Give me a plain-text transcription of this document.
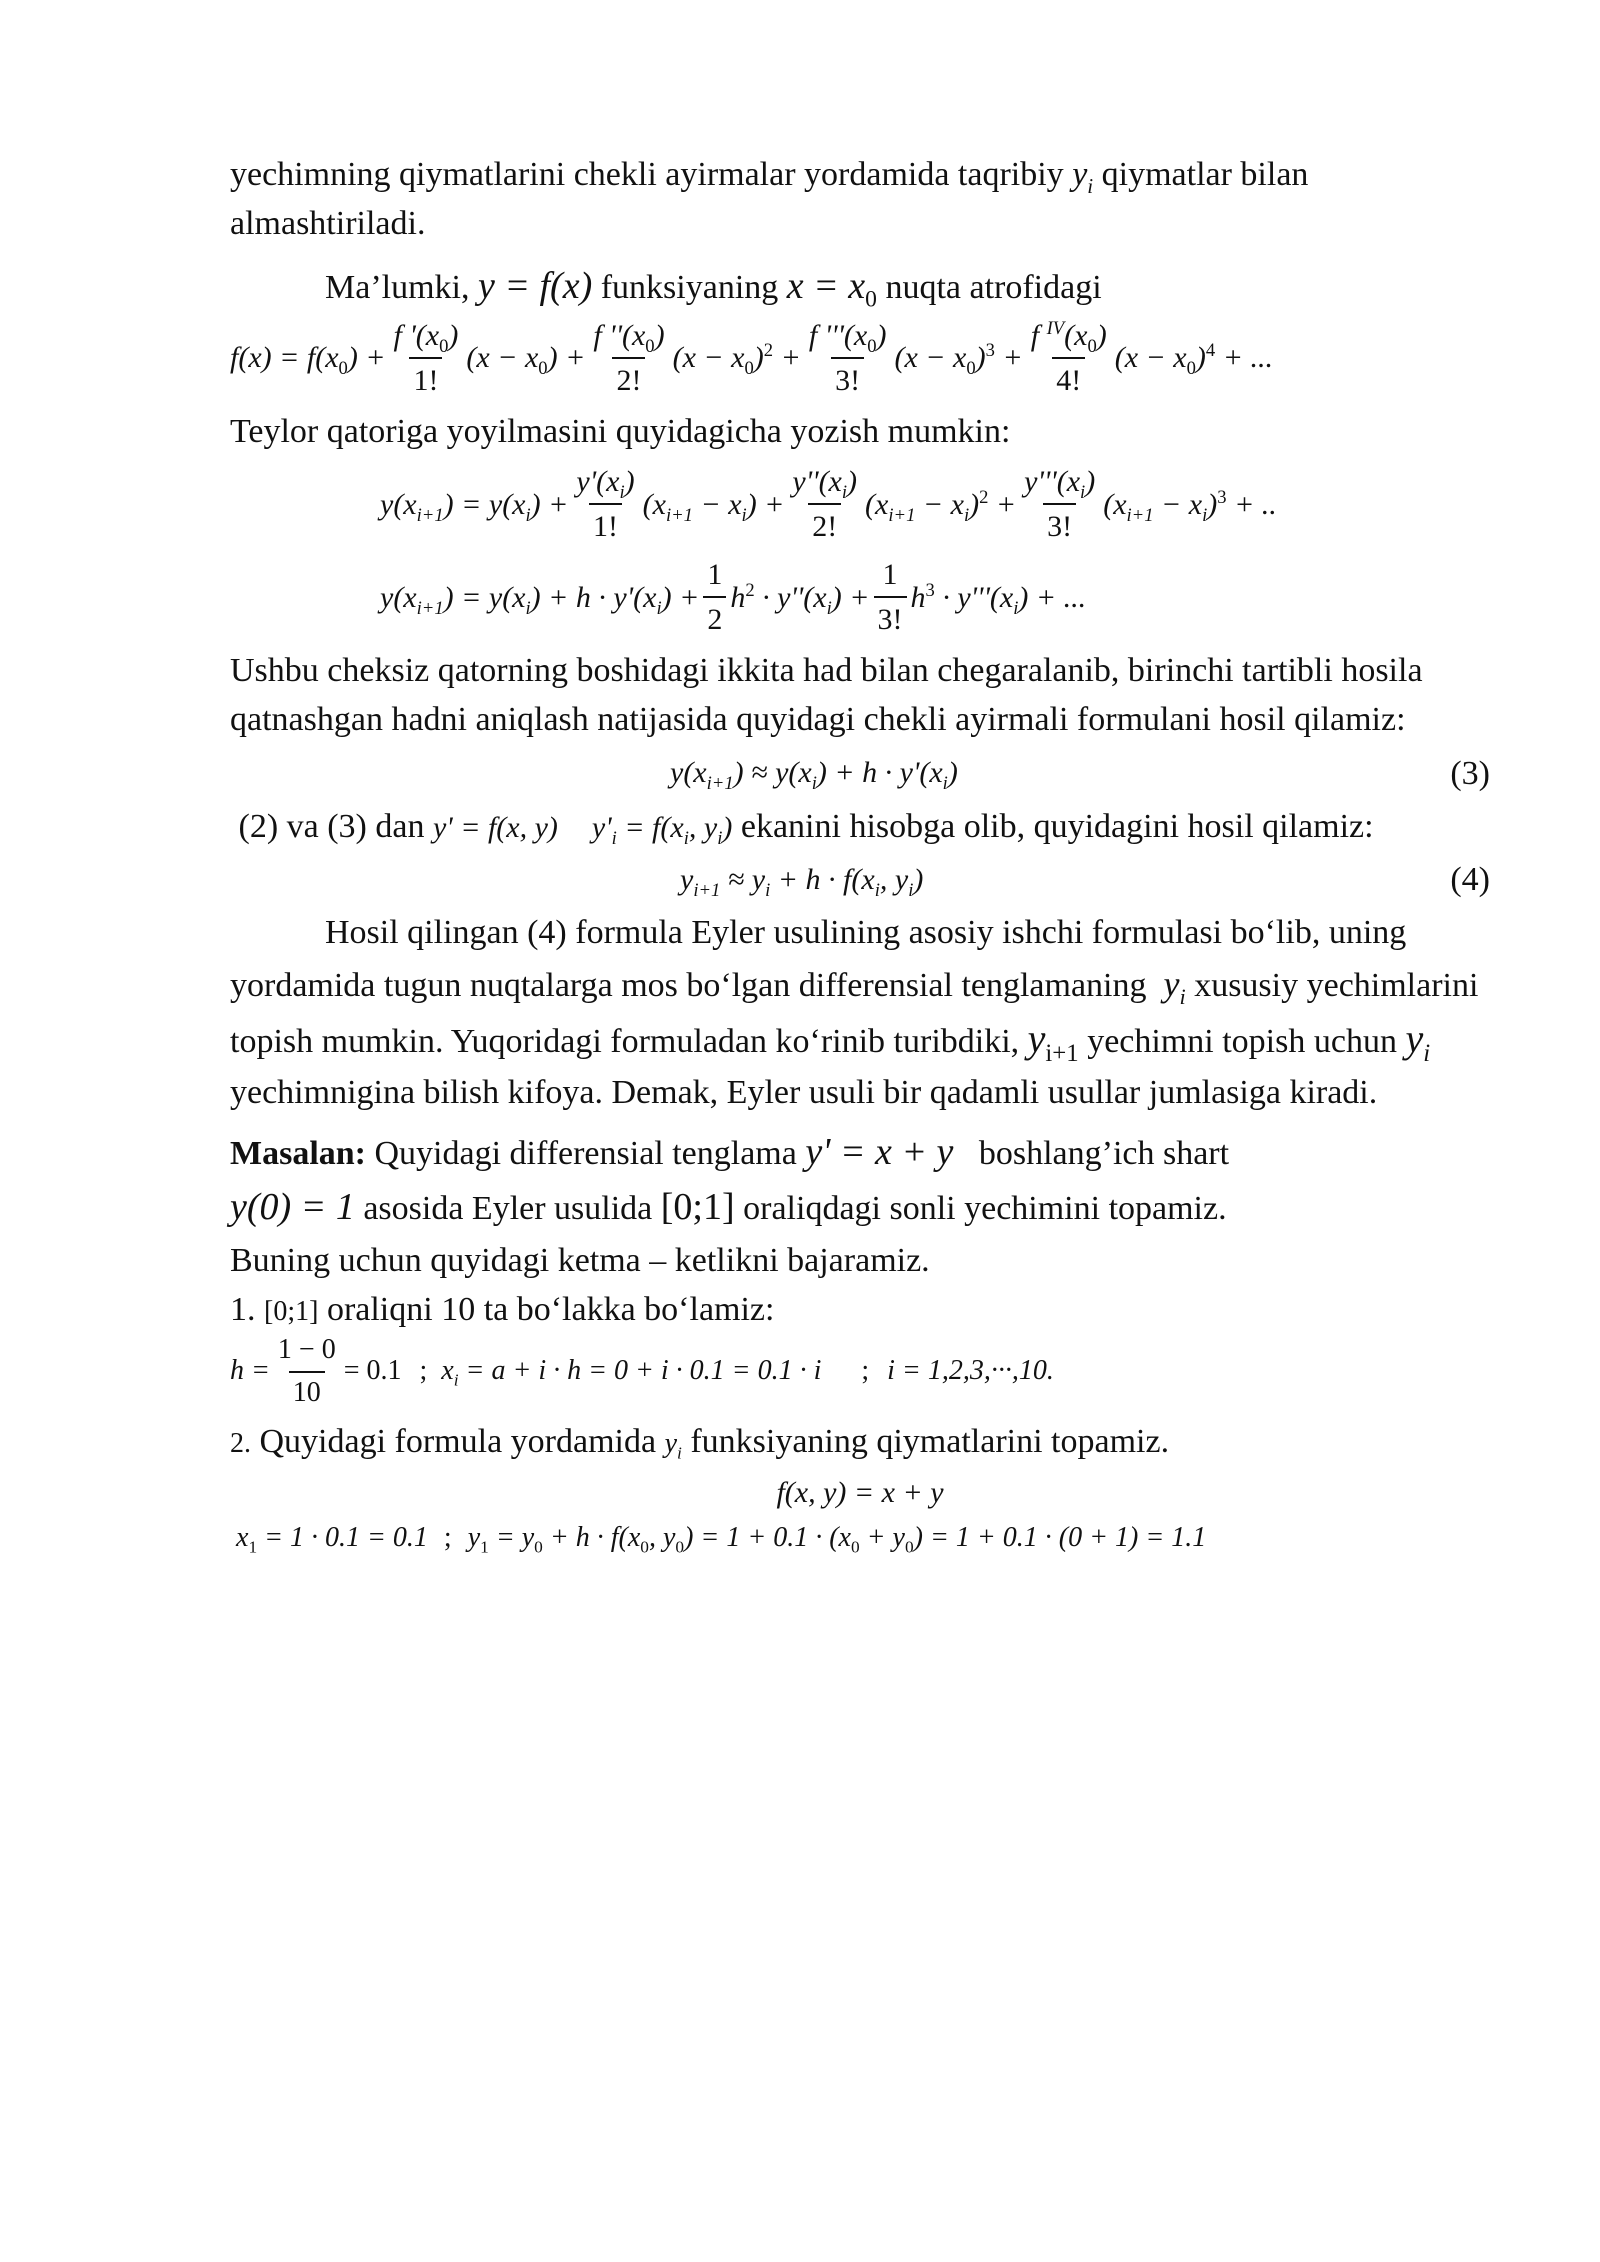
yechimning qiymatlarini chekli ayirmalar yordamida taqribiy $y_i$ qiymatlar bilan almashtiriladi.

Ma’lumki, y = f(x) funksiyaning $x = x_0$ nuqta atrofidagi

$f(x) = f(x_0) + \frac{f '(x_0)}{1!} (x - x_0) + \frac{f ''(x_0)}{2!} (x - x_0)^2 + \frac{f '''(x_0)}{3!} (x - x_0)^3 + \frac{f ^{IV}(x_0)}{4!} (x - x_0)^4$ + ...

Teylor qatoriga yoyilmasini quyidagicha yozish mumkin:

$y(x_{i+1}) = y(x_i) + \frac{y'(x_i)}{1!} (x_{i+1} - x_i) + \frac{y''(x_i)}{2!} (x_{i+1} - x_i)^2 + \frac{y'''(x_i)}{3!} (x_{i+1} - x_i)^3$ + ..
$y(x_{i+1}) = y(x_i) + h \cdot y'(x_i) + \frac{1}{2} h^2 \cdot y''(x_i) + \frac{1}{3!} h^3 \cdot y'''(x_i)$ + ...

Ushbu cheksiz qatorning boshidagi ikkita had bilan chegaralanib, birinchi tartibli hosila qatnashgan hadni aniqlash natijasida quyidagi chekli ayirmali formulani hosil qilamiz:

$y(x_{i+1}) \approx y(x_i) + h \cdot y'(x_i)$	(3)

(2) va (3) dan y' = f(x, y) $y'_i = f(x_i$, $y_i$) ekanini hisobga olib, quyidagini hosil qilamiz:

$y_{i+1} \approx y_i + h \cdot f(x_i$, $y_i$)	(4)

Hosil qilingan (4) formula Eyler usulining asosiy ishchi formulasi bo‘lib, uning yordamida tugun nuqtalarga mos bo‘lgan differensial tenglamaning $y_i$ xususiy yechimlarini topish mumkin. Yuqoridagi formuladan ko‘rinib turibdiki, $y_{i+1}$ yechimni topish uchun $y_i$ yechimnigina bilish kifoya. Demak, Eyler usuli bir qadamli usullar jumlasiga kiradi.

Masalan: Quyidagi differensial tenglama y' = x + y boshlang’ich shart
y(0) = 1 asosida Eyler usulida [0;1] oraliqdagi sonli yechimini topamiz.

Buning uchun quyidagi ketma – ketlikni bajaramiz.

1. [0;1] oraliqni 10 ta bo‘lakka bo‘lamiz:

$h = \frac{1 - 0}{10} = 0.1$ ; $x_i = a + i \cdot h = 0 + i \cdot 0.1 = 0.1 \cdot i$ ; i = 1,2,3,···,10.

2. Quyidagi formula yordamida $y_i$ funksiyaning qiymatlarini topamiz.

f(x, y) = x + y
$x_1 = 1 \cdot 0.1 = 0.1$ ; $y_1 = y_0 + h \cdot f(x_0$, $y_0) = 1 + 0.1 \cdot (x_0 + y_0) = 1 + 0.1 \cdot (0 + 1) = 1.1$
